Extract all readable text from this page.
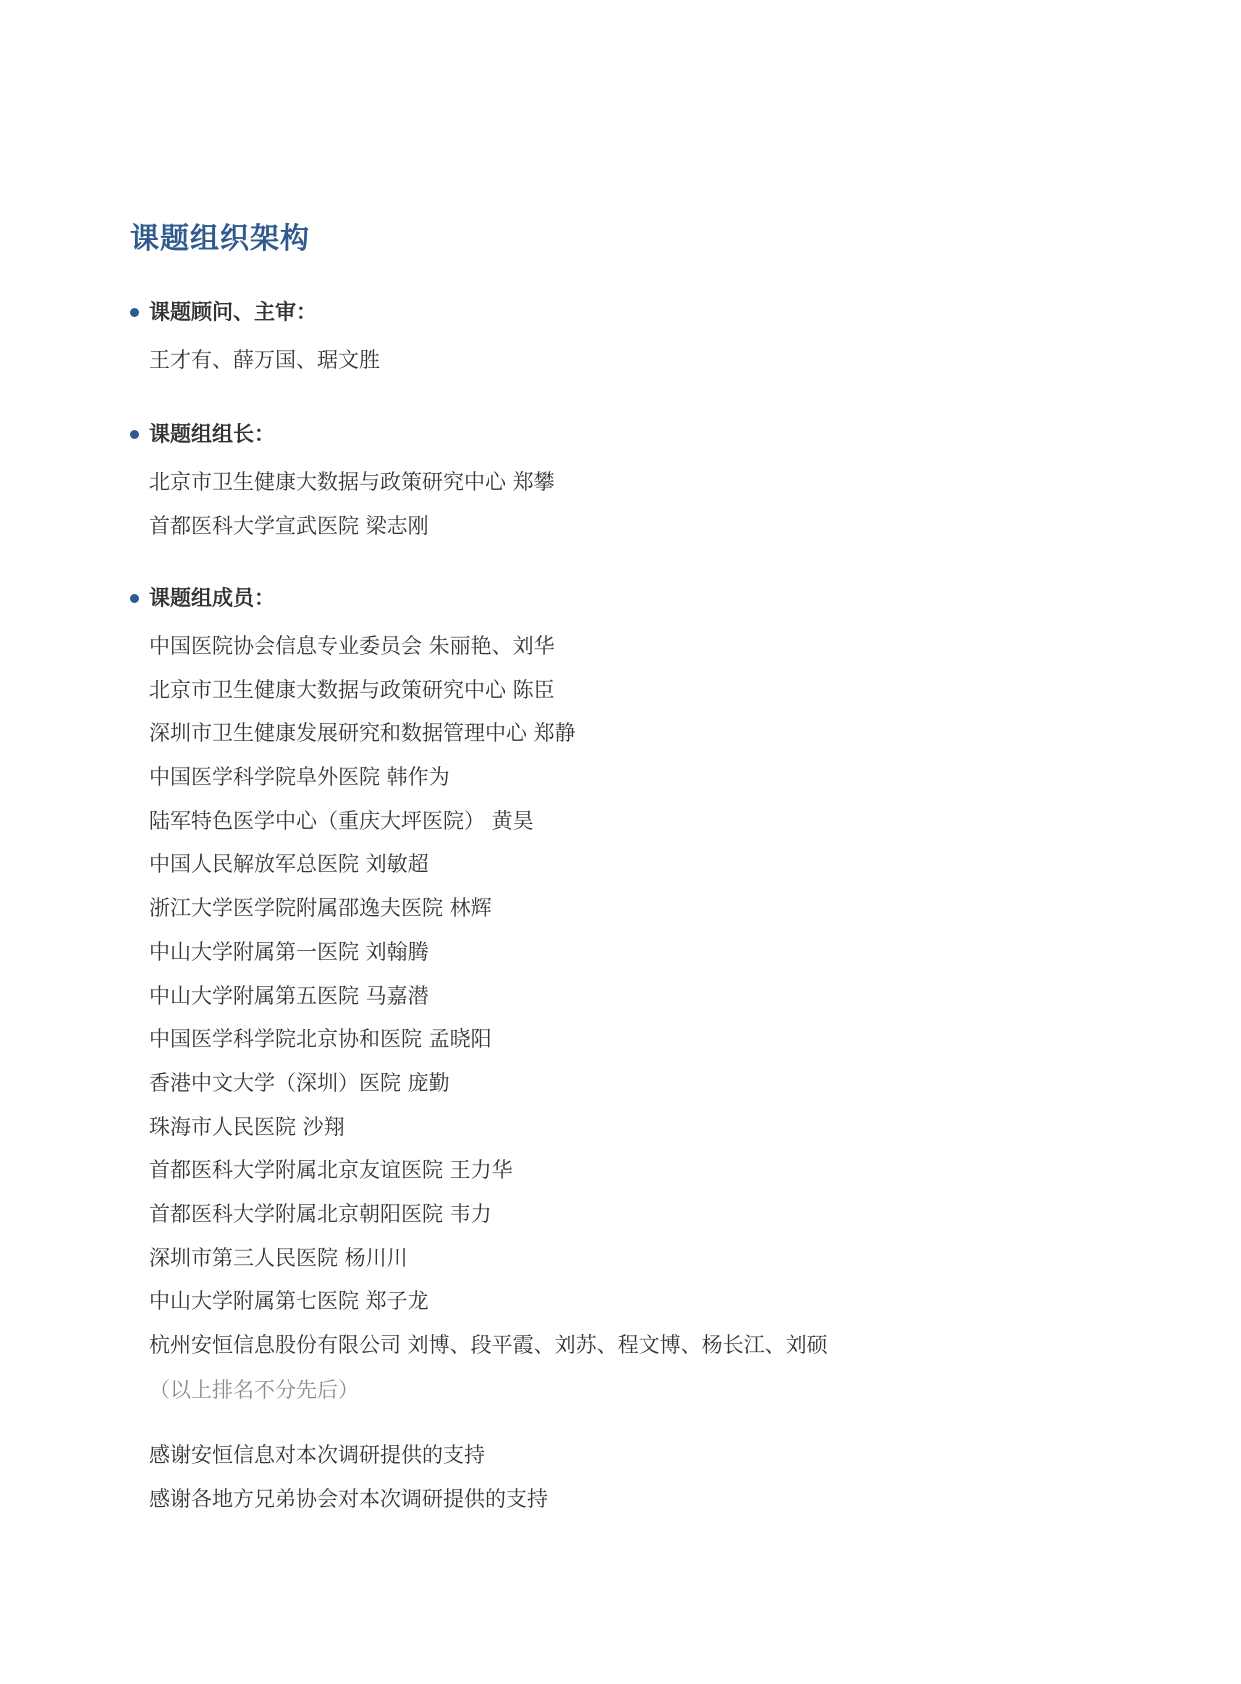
课题组织架构
课题顾问、主审：
王才有、薛万国、琚文胜
课题组组长：
北京市卫生健康大数据与政策研究中心 郑攀
首都医科大学宣武医院 梁志刚
课题组成员：
中国医院协会信息专业委员会 朱丽艳、刘华
北京市卫生健康大数据与政策研究中心 陈臣
深圳市卫生健康发展研究和数据管理中心 郑静
中国医学科学院阜外医院 韩作为
陆军特色医学中心（重庆大坪医院） 黄昊
中国人民解放军总医院 刘敏超
浙江大学医学院附属邵逸夫医院 林辉
中山大学附属第一医院 刘翰腾
中山大学附属第五医院 马嘉潜
中国医学科学院北京协和医院 孟晓阳
香港中文大学（深圳）医院 庞勤
珠海市人民医院 沙翔
首都医科大学附属北京友谊医院 王力华
首都医科大学附属北京朝阳医院 韦力
深圳市第三人民医院 杨川川
中山大学附属第七医院 郑子龙
杭州安恒信息股份有限公司 刘博、段平霞、刘苏、程文博、杨长江、刘硕
（以上排名不分先后）
感谢安恒信息对本次调研提供的支持
感谢各地方兄弟协会对本次调研提供的支持
